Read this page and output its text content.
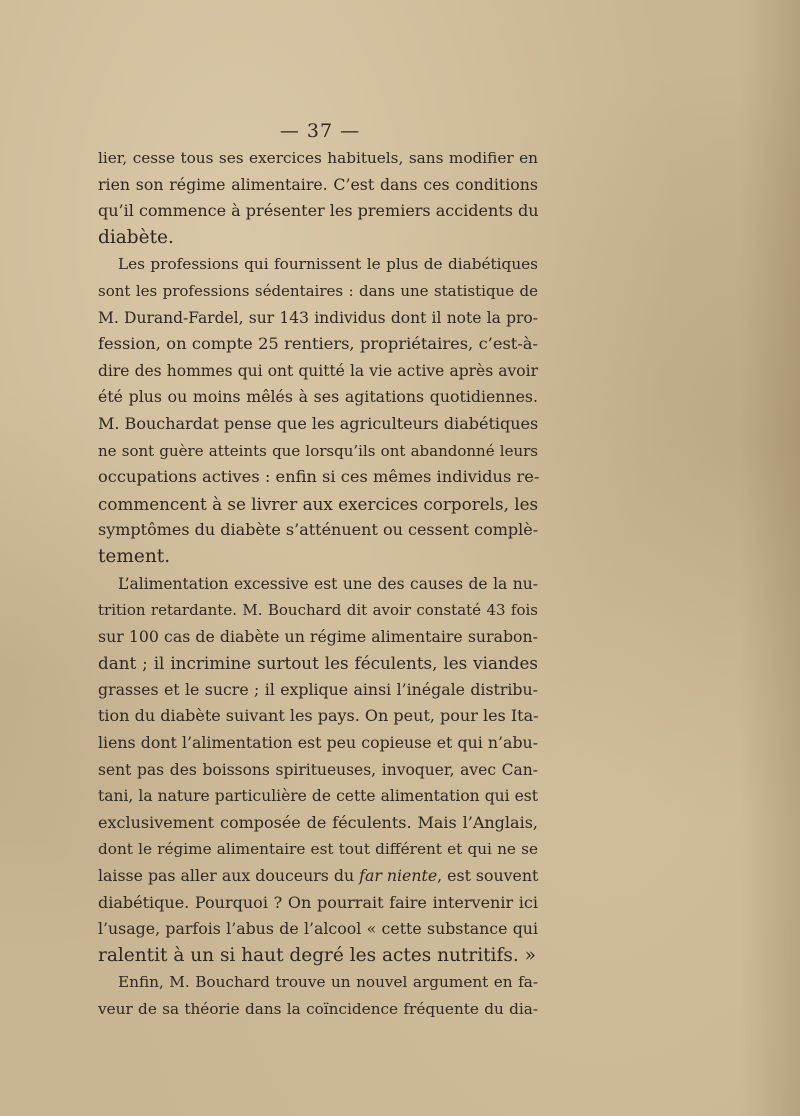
— 37 —
lier, cesse tous ses exercices habituels, sans modifier en
rien son régime alimentaire. C’est dans ces conditions
qu’il commence à présenter les premiers accidents du
diabète.
Les professions qui fournissent le plus de diabétiques
sont les professions sédentaires : dans une statistique de
M. Durand-Fardel, sur 143 individus dont il note la pro-
fession, on compte 25 rentiers, propriétaires, c’est-à-
dire des hommes qui ont quitté la vie active après avoir
été plus ou moins mêlés à ses agitations quotidiennes.
M. Bouchardat pense que les agriculteurs diabétiques
ne sont guère atteints que lorsqu’ils ont abandonné leurs
occupations actives : enfin si ces mêmes individus re-
commencent à se livrer aux exercices corporels, les
symptômes du diabète s’atténuent ou cessent complè-
tement.
L’alimentation excessive est une des causes de la nu-
trition retardante. M. Bouchard dit avoir constaté 43 fois
sur 100 cas de diabète un régime alimentaire surabon-
dant ; il incrimine surtout les féculents, les viandes
grasses et le sucre ; il explique ainsi l’inégale distribu-
tion du diabète suivant les pays. On peut, pour les Ita-
liens dont l’alimentation est peu copieuse et qui n’abu-
sent pas des boissons spiritueuses, invoquer, avec Can-
tani, la nature particulière de cette alimentation qui est
exclusivement composée de féculents. Mais l’Anglais,
dont le régime alimentaire est tout différent et qui ne se
laisse pas aller aux douceurs du far niente, est souvent
diabétique. Pourquoi ? On pourrait faire intervenir ici
l’usage, parfois l’abus de l’alcool « cette substance qui
ralentit à un si haut degré les actes nutritifs. »
Enfin, M. Bouchard trouve un nouvel argument en fa-
veur de sa théorie dans la coïncidence fréquente du dia-
